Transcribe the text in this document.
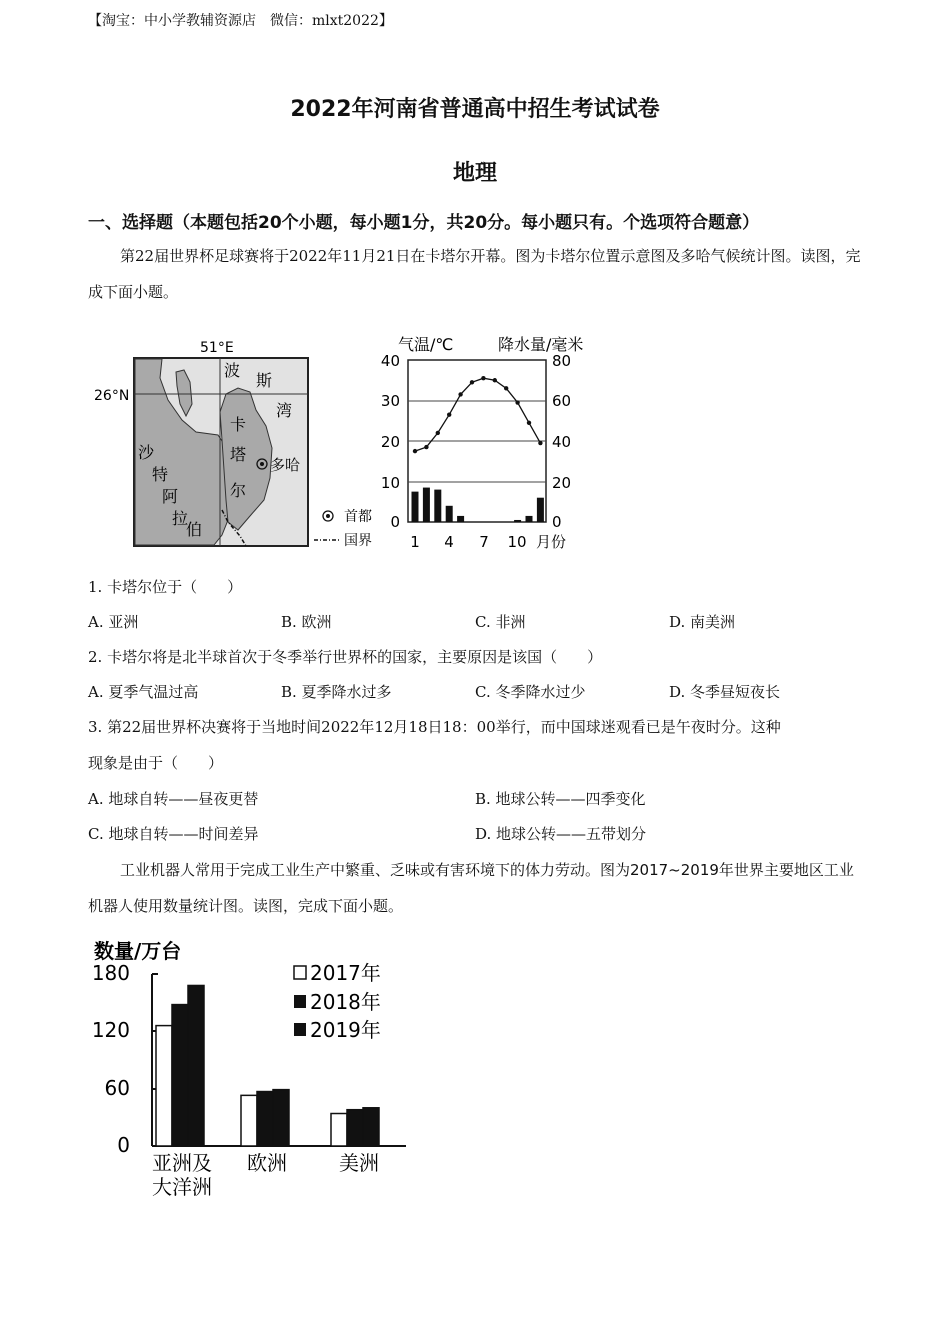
【淘宝：中小学教辅资源店　微信：mlxt2022】
2022年河南省普通高中招生考试试卷
地理
一、选择题（本题包括20个小题，每小题1分，共20分。每小题只有。个选项符合题意）
第22届世界杯足球赛将于2022年11月21日在卡塔尔开幕。图为卡塔尔位置示意图及多哈气候统计图。读图，完成下面小题。
51°E
26°N
波
斯
湾
沙
特
阿
拉
伯
卡
塔
尔
多哈
首都
国界
气温/℃	降水量/毫米
40
30
20
10
0
80
60
40
20
0
1 4 7 10 月份
1. 卡塔尔位于（　　）
A. 亚洲	B. 欧洲	C. 非洲	D. 南美洲
2. 卡塔尔将是北半球首次于冬季举行世界杯的国家，主要原因是该国（　　）
A. 夏季气温过高	B. 夏季降水过多	C. 冬季降水过少	D. 冬季昼短夜长
3. 第22届世界杯决赛将于当地时间2022年12月18日18：00举行，而中国球迷观看已是午夜时分。这种
现象是由于（　　）
A. 地球自转——昼夜更替	B. 地球公转——四季变化
C. 地球自转——时间差异	D. 地球公转——五带划分
工业机器人常用于完成工业生产中繁重、乏味或有害环境下的体力劳动。图为2017~2019年世界主要地区工业机器人使用数量统计图。读图，完成下面小题。
数量/万台
180
120
60
0
亚洲及
大洋洲
欧洲	美洲
2017年
2018年
2019年
